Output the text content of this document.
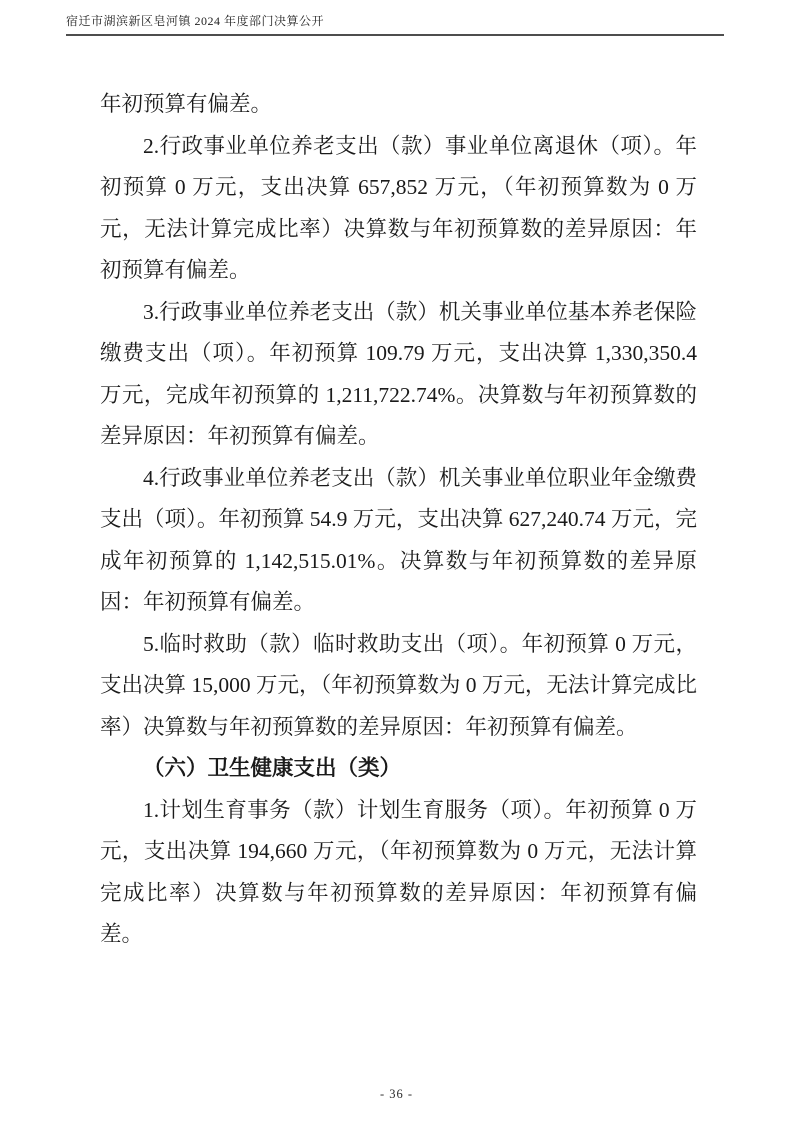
宿迁市湖滨新区皂河镇 2024 年度部门决算公开

年初预算有偏差。

2.行政事业单位养老支出（款）事业单位离退休（项）。年初预算 0 万元，支出决算 657,852 万元，（年初预算数为 0 万元，无法计算完成比率）决算数与年初预算数的差异原因：年初预算有偏差。

3.行政事业单位养老支出（款）机关事业单位基本养老保险缴费支出（项）。年初预算 109.79 万元，支出决算 1,330,350.4 万元，完成年初预算的 1,211,722.74%。决算数与年初预算数的差异原因：年初预算有偏差。

4.行政事业单位养老支出（款）机关事业单位职业年金缴费支出（项）。年初预算 54.9 万元，支出决算 627,240.74 万元，完成年初预算的 1,142,515.01%。决算数与年初预算数的差异原因：年初预算有偏差。

5.临时救助（款）临时救助支出（项）。年初预算 0 万元，支出决算 15,000 万元，（年初预算数为 0 万元，无法计算完成比率）决算数与年初预算数的差异原因：年初预算有偏差。

（六）卫生健康支出（类）

1.计划生育事务（款）计划生育服务（项）。年初预算 0 万元，支出决算 194,660 万元，（年初预算数为 0 万元，无法计算完成比率）决算数与年初预算数的差异原因：年初预算有偏差。

- 36 -
